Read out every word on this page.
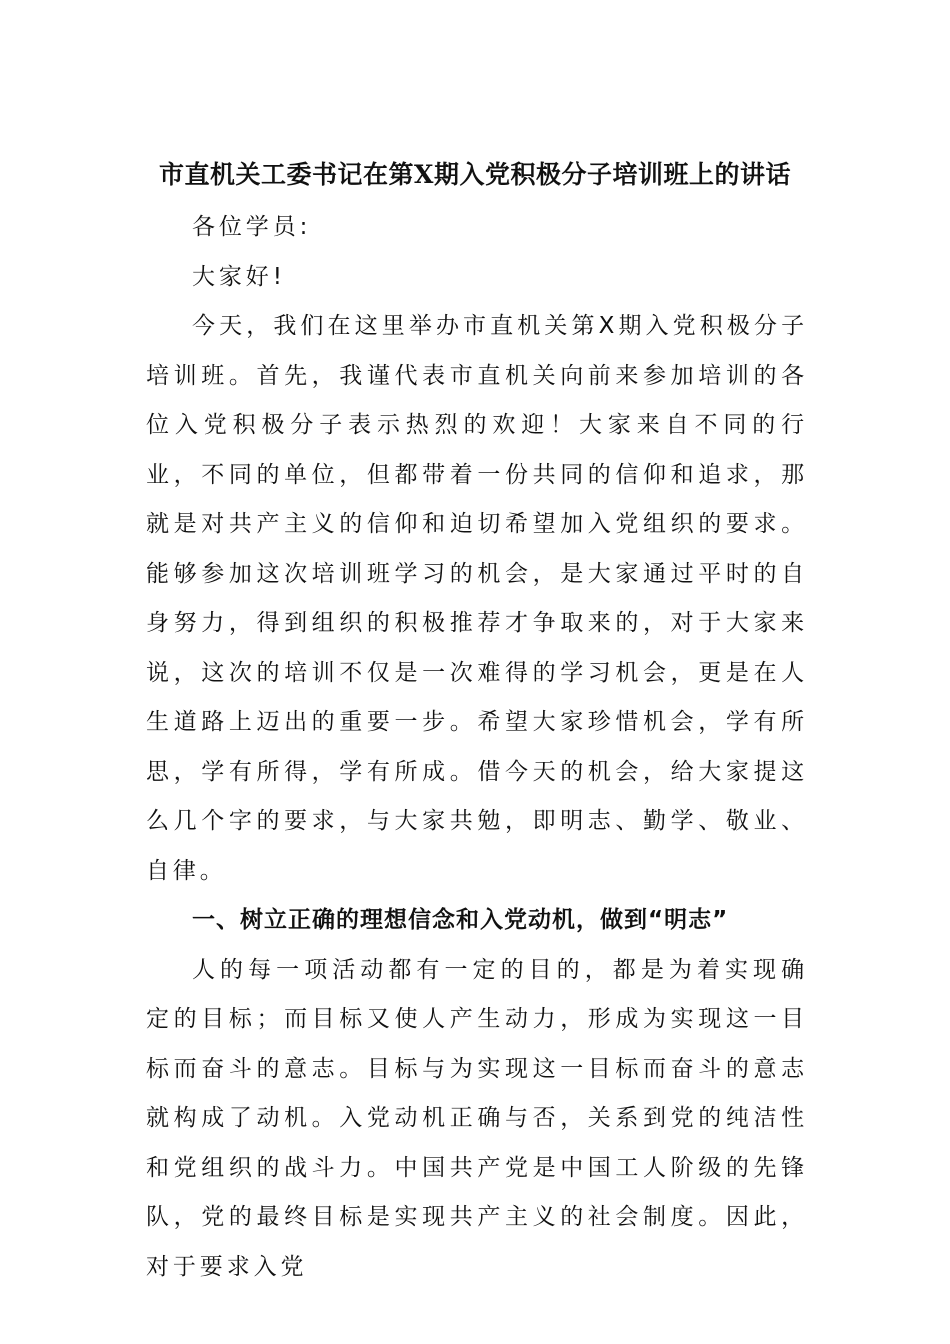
市直机关工委书记在第X期入党积极分子培训班上的讲话

各位学员:

大家好!

今天，我们在这里举办市直机关第X期入党积极分子培训班。首先，我谨代表市直机关向前来参加培训的各位入党积极分子表示热烈的欢迎！大家来自不同的行业，不同的单位，但都带着一份共同的信仰和追求，那就是对共产主义的信仰和迫切希望加入党组织的要求。能够参加这次培训班学习的机会，是大家通过平时的自身努力，得到组织的积极推荐才争取来的，对于大家来说，这次的培训不仅是一次难得的学习机会，更是在人生道路上迈出的重要一步。希望大家珍惜机会，学有所思，学有所得，学有所成。借今天的机会，给大家提这么几个字的要求，与大家共勉，即明志、勤学、敬业、自律。

一、树立正确的理想信念和入党动机，做到“明志”

人的每一项活动都有一定的目的，都是为着实现确定的目标；而目标又使人产生动力，形成为实现这一目标而奋斗的意志。目标与为实现这一目标而奋斗的意志就构成了动机。入党动机正确与否，关系到党的纯洁性和党组织的战斗力。中国共产党是中国工人阶级的先锋队，党的最终目标是实现共产主义的社会制度。因此，对于要求入党
